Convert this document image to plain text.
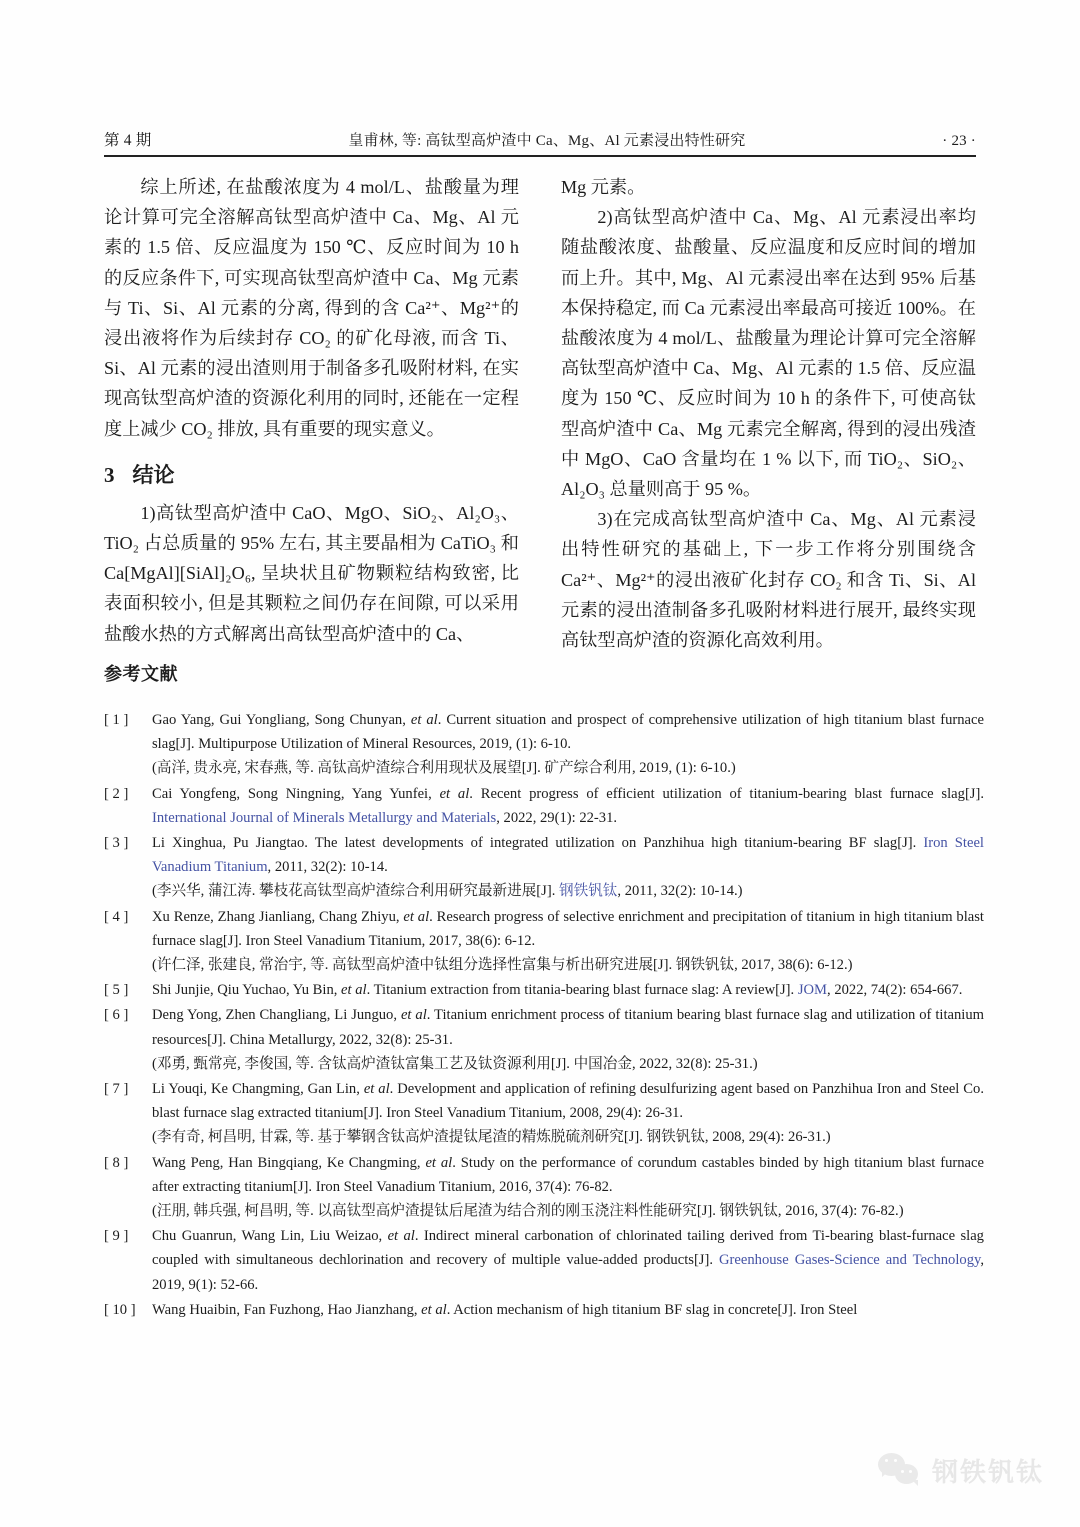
第 4 期	皇甫林, 等: 高钛型高炉渣中 Ca、Mg、Al 元素浸出特性研究	· 23 ·

综上所述, 在盐酸浓度为 4 mol/L、盐酸量为理论计算可完全溶解高钛型高炉渣中 Ca、Mg、Al 元素的 1.5 倍、反应温度为 150 ℃、反应时间为 10 h 的反应条件下, 可实现高钛型高炉渣中 Ca、Mg 元素与 Ti、Si、Al 元素的分离, 得到的含 Ca²⁺、Mg²⁺的浸出液将作为后续封存 CO₂ 的矿化母液, 而含 Ti、Si、Al 元素的浸出渣则用于制备多孔吸附材料, 在实现高钛型高炉渣的资源化利用的同时, 还能在一定程度上减少 CO₂ 排放, 具有重要的现实意义。

3 结论

1)高钛型高炉渣中 CaO、MgO、SiO₂、Al₂O₃、TiO₂ 占总质量的 95% 左右, 其主要晶相为 CaTiO₃ 和 Ca[MgAl][SiAl]₂O₆, 呈块状且矿物颗粒结构致密, 比表面积较小, 但是其颗粒之间仍存在间隙, 可以采用盐酸水热的方式解离出高钛型高炉渣中的 Ca、

Mg 元素。

2)高钛型高炉渣中 Ca、Mg、Al 元素浸出率均随盐酸浓度、盐酸量、反应温度和反应时间的增加而上升。其中, Mg、Al 元素浸出率在达到 95% 后基本保持稳定, 而 Ca 元素浸出率最高可接近 100%。在盐酸浓度为 4 mol/L、盐酸量为理论计算可完全溶解高钛型高炉渣中 Ca、Mg、Al 元素的 1.5 倍、反应温度为 150 ℃、反应时间为 10 h 的条件下, 可使高钛型高炉渣中 Ca、Mg 元素完全解离, 得到的浸出残渣中 MgO、CaO 含量均在 1 % 以下, 而 TiO₂、SiO₂、Al₂O₃ 总量则高于 95 %。

3)在完成高钛型高炉渣中 Ca、Mg、Al 元素浸出特性研究的基础上, 下一步工作将分别围绕含 Ca²⁺、Mg²⁺的浸出液矿化封存 CO₂ 和含 Ti、Si、Al 元素的浸出渣制备多孔吸附材料进行展开, 最终实现高钛型高炉渣的资源化高效利用。

参考文献
[ 1 ]	Gao Yang, Gui Yongliang, Song Chunyan, et al. Current situation and prospect of comprehensive utilization of high titanium blast furnace slag[J]. Multipurpose Utilization of Mineral Resources, 2019, (1): 6-10.
(高洋, 贵永亮, 宋春燕, 等. 高钛高炉渣综合利用现状及展望[J]. 矿产综合利用, 2019, (1): 6-10.)
[ 2 ]	Cai Yongfeng, Song Ningning, Yang Yunfei, et al. Recent progress of efficient utilization of titanium-bearing blast furnace slag[J]. International Journal of Minerals Metallurgy and Materials, 2022, 29(1): 22-31.
[ 3 ]	Li Xinghua, Pu Jiangtao. The latest developments of integrated utilization on Panzhihua high titanium-bearing BF slag[J]. Iron Steel Vanadium Titanium, 2011, 32(2): 10-14.
(李兴华, 蒲江涛. 攀枝花高钛型高炉渣综合利用研究最新进展[J]. 钢铁钒钛, 2011, 32(2): 10-14.)
[ 4 ]	Xu Renze, Zhang Jianliang, Chang Zhiyu, et al. Research progress of selective enrichment and precipitation of titanium in high titanium blast furnace slag[J]. Iron Steel Vanadium Titanium, 2017, 38(6): 6-12.
(许仁泽, 张建良, 常治宇, 等. 高钛型高炉渣中钛组分选择性富集与析出研究进展[J]. 钢铁钒钛, 2017, 38(6): 6-12.)
[ 5 ]	Shi Junjie, Qiu Yuchao, Yu Bin, et al. Titanium extraction from titania-bearing blast furnace slag: A review[J]. JOM, 2022, 74(2): 654-667.
[ 6 ]	Deng Yong, Zhen Changliang, Li Junguo, et al. Titanium enrichment process of titanium bearing blast furnace slag and utilization of titanium resources[J]. China Metallurgy, 2022, 32(8): 25-31.
(邓勇, 甄常亮, 李俊国, 等. 含钛高炉渣钛富集工艺及钛资源利用[J]. 中国冶金, 2022, 32(8): 25-31.)
[ 7 ]	Li Youqi, Ke Changming, Gan Lin, et al. Development and application of refining desulfurizing agent based on Panzhihua Iron and Steel Co. blast furnace slag extracted titanium[J]. Iron Steel Vanadium Titanium, 2008, 29(4): 26-31.
(李有奇, 柯昌明, 甘霖, 等. 基于攀钢含钛高炉渣提钛尾渣的精炼脱硫剂研究[J]. 钢铁钒钛, 2008, 29(4): 26-31.)
[ 8 ]	Wang Peng, Han Bingqiang, Ke Changming, et al. Study on the performance of corundum castables binded by high titanium blast furnace after extracting titanium[J]. Iron Steel Vanadium Titanium, 2016, 37(4): 76-82.
(汪朋, 韩兵强, 柯昌明, 等. 以高钛型高炉渣提钛后尾渣为结合剂的刚玉浇注料性能研究[J]. 钢铁钒钛, 2016, 37(4): 76-82.)
[ 9 ]	Chu Guanrun, Wang Lin, Liu Weizao, et al. Indirect mineral carbonation of chlorinated tailing derived from Ti-bearing blast-furnace slag coupled with simultaneous dechlorination and recovery of multiple value-added products[J]. Greenhouse Gases-Science and Technology, 2019, 9(1): 52-66.
[ 10 ]	Wang Huaibin, Fan Fuzhong, Hao Jianzhang, et al. Action mechanism of high titanium BF slag in concrete[J]. Iron Steel
钢铁钒钛
